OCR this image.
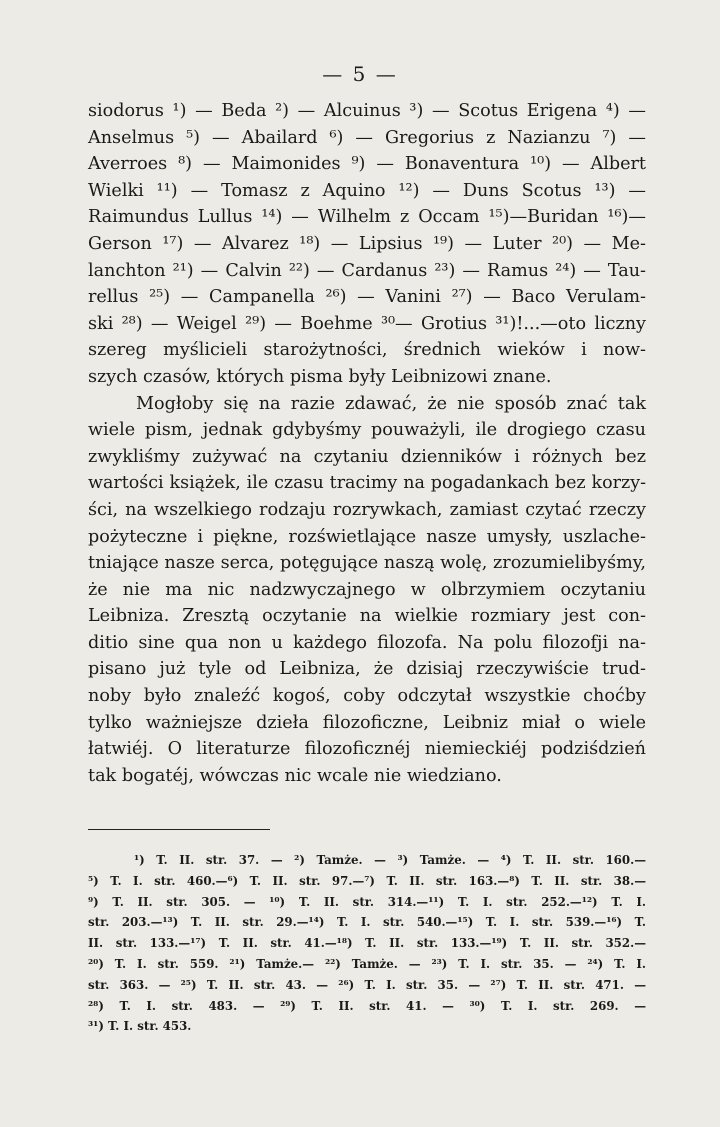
— 5 —
siodorus ¹) — Beda ²) — Alcuinus ³) — Scotus Erigena ⁴) —
Anselmus ⁵) — Abailard ⁶) — Gregorius z Nazianzu ⁷) —
Averroes ⁸) — Maimonides ⁹) — Bonaventura ¹⁰) — Albert
Wielki ¹¹) — Tomasz z Aquino ¹²) — Duns Scotus ¹³) —
Raimundus Lullus ¹⁴) — Wilhelm z Occam ¹⁵)—Buridan ¹⁶)—
Gerson ¹⁷) — Alvarez ¹⁸) — Lipsius ¹⁹) — Luter ²⁰) — Me-
lanchton ²¹) — Calvin ²²) — Cardanus ²³) — Ramus ²⁴) — Tau-
rellus ²⁵) — Campanella ²⁶) — Vanini ²⁷) — Baco Verulam-
ski ²⁸) — Weigel ²⁹) — Boehme ³⁰— Grotius ³¹)!...—oto liczny
szereg myślicieli starożytności, średnich wieków i now-
szych czasów, których pisma były Leibnizowi znane.
Mogłoby się na razie zdawać, że nie sposób znać tak
wiele pism, jednak gdybyśmy pouważyli, ile drogiego czasu
zwykliśmy zużywać na czytaniu dzienników i różnych bez
wartości książek, ile czasu tracimy na pogadankach bez korzy-
ści, na wszelkiego rodzaju rozrywkach, zamiast czytać rzeczy
pożyteczne i piękne, rozświetlające nasze umysły, uszlache-
tniające nasze serca, potęgujące naszą wolę, zrozumielibyśmy,
że nie ma nic nadzwyczajnego w olbrzymiem oczytaniu
Leibniza. Zresztą oczytanie na wielkie rozmiary jest con-
ditio sine qua non u każdego filozofa. Na polu filozofji na-
pisano już tyle od Leibniza, że dzisiaj rzeczywiście trud-
noby było znaleźć kogoś, coby odczytał wszystkie choćby
tylko ważniejsze dzieła filozoficzne, Leibniz miał o wiele
łatwiéj. O literaturze filozoficznéj niemieckiéj podziśdzień
tak bogatéj, wówczas nic wcale nie wiedziano.
¹) T. II. str. 37. — ²) Tamże. — ³) Tamże. — ⁴) T. II. str. 160.—
⁵) T. I. str. 460.—⁶) T. II. str. 97.—⁷) T. II. str. 163.—⁸) T. II. str. 38.—
⁹) T. II. str. 305. — ¹⁰) T. II. str. 314.—¹¹) T. I. str. 252.—¹²) T. I.
str. 203.—¹³) T. II. str. 29.—¹⁴) T. I. str. 540.—¹⁵) T. I. str. 539.—¹⁶) T.
II. str. 133.—¹⁷) T. II. str. 41.—¹⁸) T. II. str. 133.—¹⁹) T. II. str. 352.—
²⁰) T. I. str. 559. ²¹) Tamże.— ²²) Tamże. — ²³) T. I. str. 35. — ²⁴) T. I.
str. 363. — ²⁵) T. II. str. 43. — ²⁶) T. I. str. 35. — ²⁷) T. II. str. 471. —
²⁸) T. I. str. 483. — ²⁹) T. II. str. 41. — ³⁰) T. I. str. 269. —
³¹) T. I. str. 453.
